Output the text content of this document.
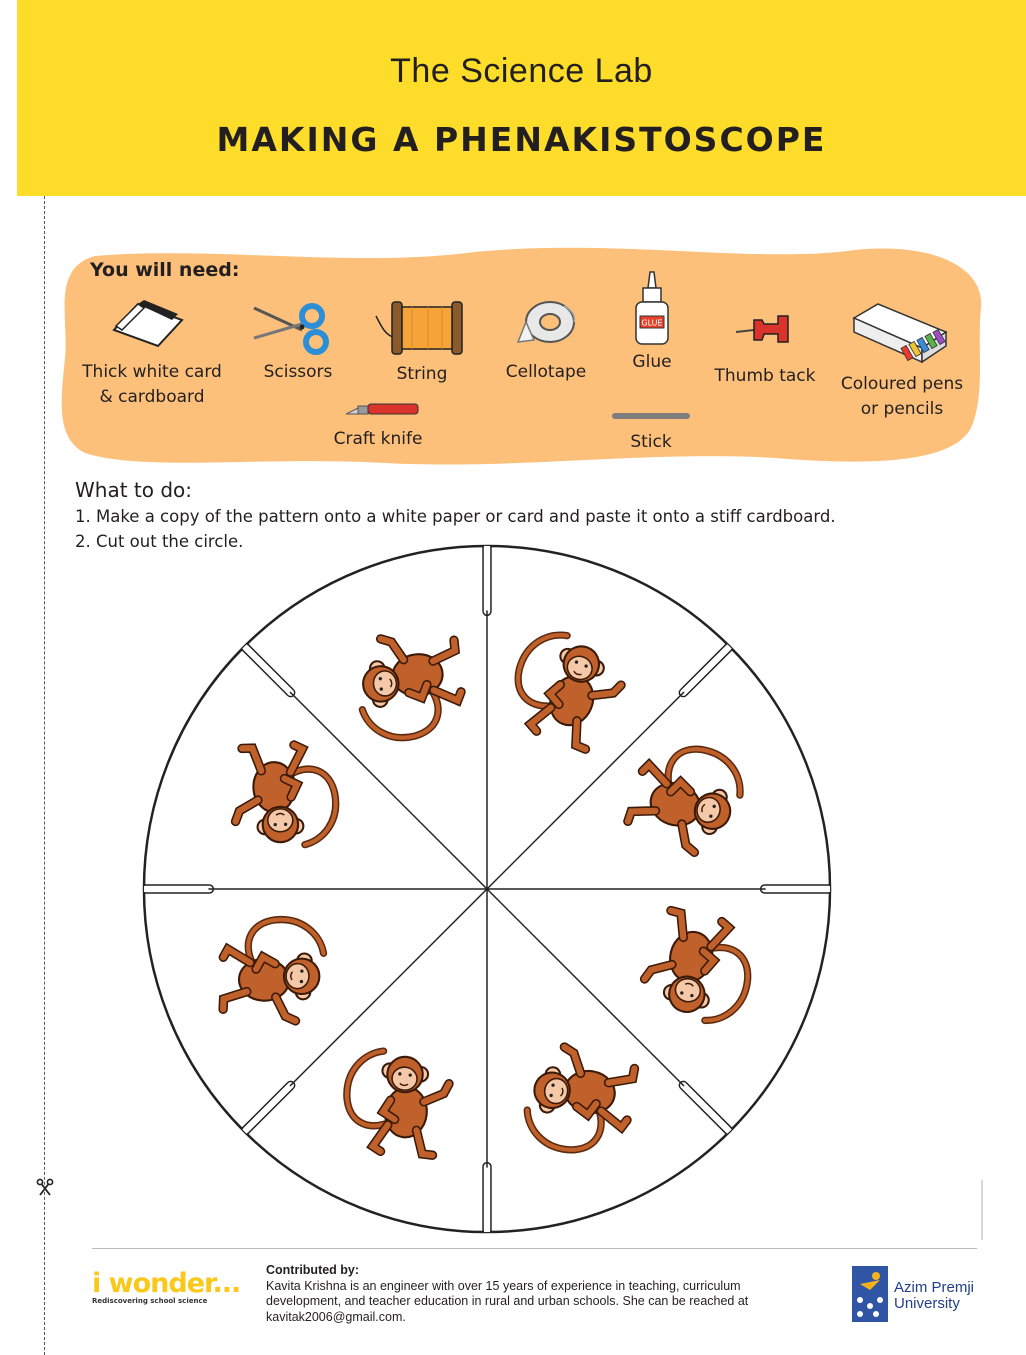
The Science Lab
MAKING A PHENAKISTOSCOPE
You will need:
Thick white card
& cardboard
Scissors	String	Cellotape
GLUE
Glue
Thumb tack	Coloured pens
or pencils
Craft knife	Stick
What to do:
1. Make a copy of the pattern onto a white paper or card and paste it onto a stiff cardboard.
2. Cut out the circle.
i wonder...
Rediscovering school science
Contributed by:
Kavita Krishna is an engineer with over 15 years of experience in teaching, curriculum development, and teacher education in rural and urban schools. She can be reached at kavitak2006@gmail.com.
Azim Premji
University
